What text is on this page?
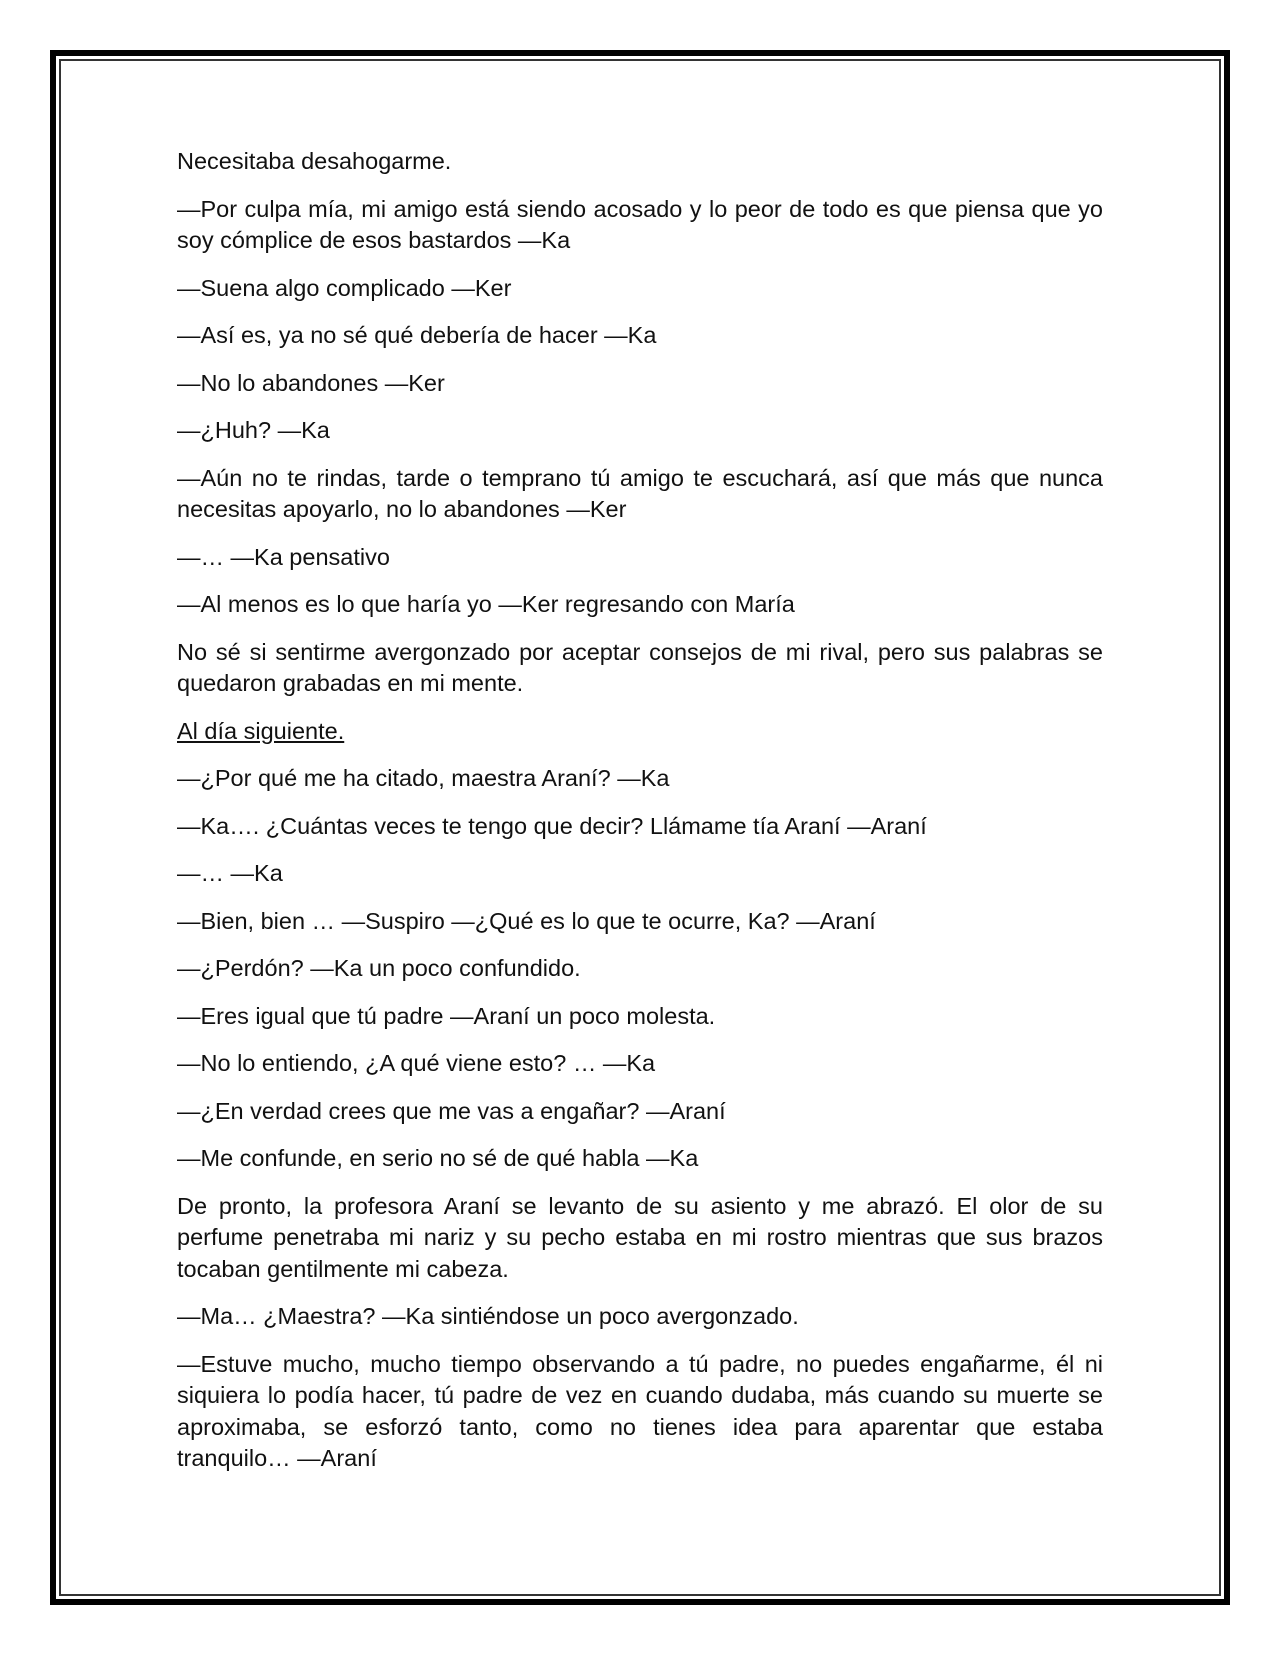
Necesitaba desahogarme.

—Por culpa mía, mi amigo está siendo acosado y lo peor de todo es que piensa que yo soy cómplice de esos bastardos —Ka

—Suena algo complicado —Ker

—Así es, ya no sé qué debería de hacer —Ka

—No lo abandones —Ker

—¿Huh? —Ka

—Aún no te rindas, tarde o temprano tú amigo te escuchará, así que más que nunca necesitas apoyarlo, no lo abandones —Ker

—… —Ka pensativo

—Al menos es lo que haría yo —Ker regresando con María

No sé si sentirme avergonzado por aceptar consejos de mi rival, pero sus palabras se quedaron grabadas en mi mente.

Al día siguiente.

—¿Por qué me ha citado, maestra Araní? —Ka

—Ka…. ¿Cuántas veces te tengo que decir? Llámame tía Araní —Araní

—… —Ka

—Bien, bien … —Suspiro —¿Qué es lo que te ocurre, Ka? —Araní

—¿Perdón? —Ka un poco confundido.

—Eres igual que tú padre —Araní un poco molesta.

—No lo entiendo, ¿A qué viene esto? … —Ka

—¿En verdad crees que me vas a engañar? —Araní

—Me confunde, en serio no sé de qué habla —Ka

De pronto, la profesora Araní se levanto de su asiento y me abrazó. El olor de su perfume penetraba mi nariz y su pecho estaba en mi rostro mientras que sus brazos tocaban gentilmente mi cabeza.

—Ma… ¿Maestra? —Ka sintiéndose un poco avergonzado.

—Estuve mucho, mucho tiempo observando a tú padre, no puedes engañarme, él ni siquiera lo podía hacer, tú padre de vez en cuando dudaba, más cuando su muerte se aproximaba, se esforzó tanto, como no tienes idea para aparentar que estaba tranquilo… —Araní
